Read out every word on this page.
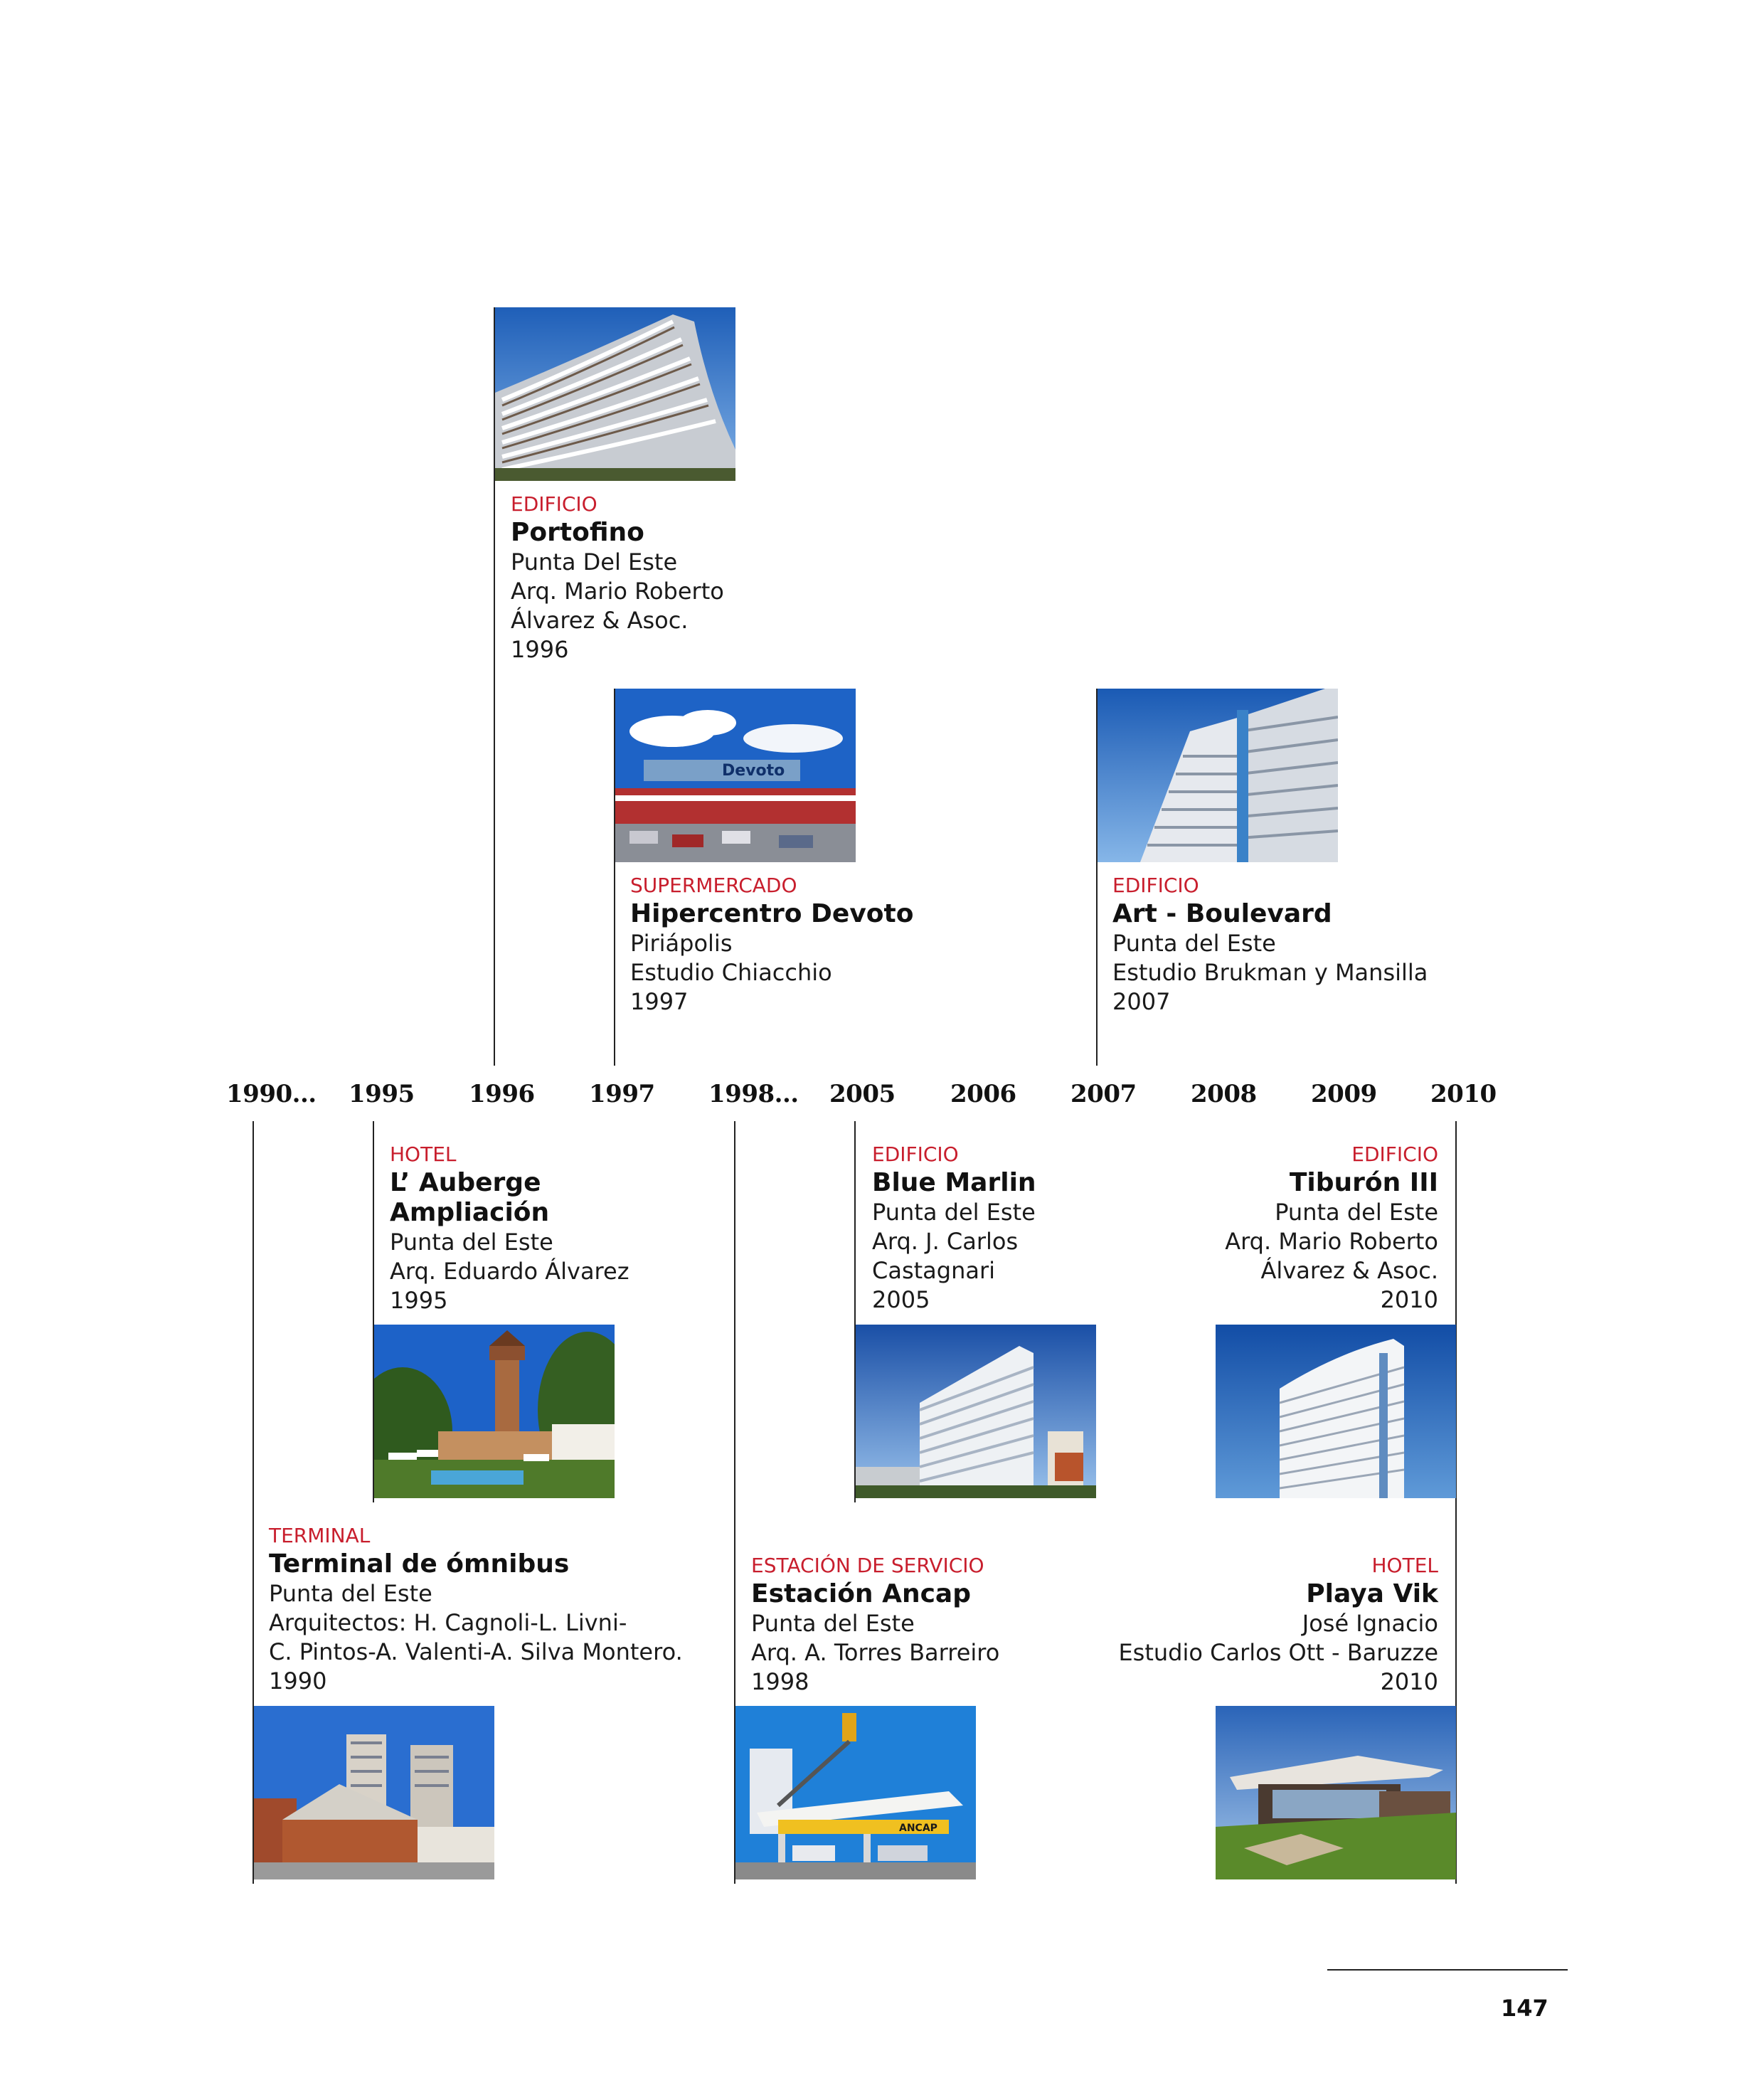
1990... 1995 1996 1997 1998... 2005 2006 2007 2008 2009 2010
Devoto
ANCAP
EDIFICIO
Portofino
Punta Del Este
Arq. Mario Roberto
Álvarez & Asoc.
1996
SUPERMERCADO
Hipercentro Devoto
Piriápolis
Estudio Chiacchio
1997
EDIFICIO
Art - Boulevard
Punta del Este
Estudio Brukman y Mansilla
2007
HOTEL
L’ Auberge
Ampliación
Punta del Este
Arq. Eduardo Álvarez
1995
EDIFICIO
Blue Marlin
Punta del Este
Arq. J. Carlos
Castagnari
2005
EDIFICIO
Tiburón III
Punta del Este
Arq. Mario Roberto
Álvarez & Asoc.
2010
TERMINAL
Terminal de ómnibus
Punta del Este
Arquitectos: H. Cagnoli-L. Livni-
C. Pintos-A. Valenti-A. Silva Montero.
1990
ESTACIÓN DE SERVICIO
Estación Ancap
Punta del Este
Arq. A. Torres Barreiro
1998
HOTEL
Playa Vik
José Ignacio
Estudio Carlos Ott - Baruzze
2010
147
